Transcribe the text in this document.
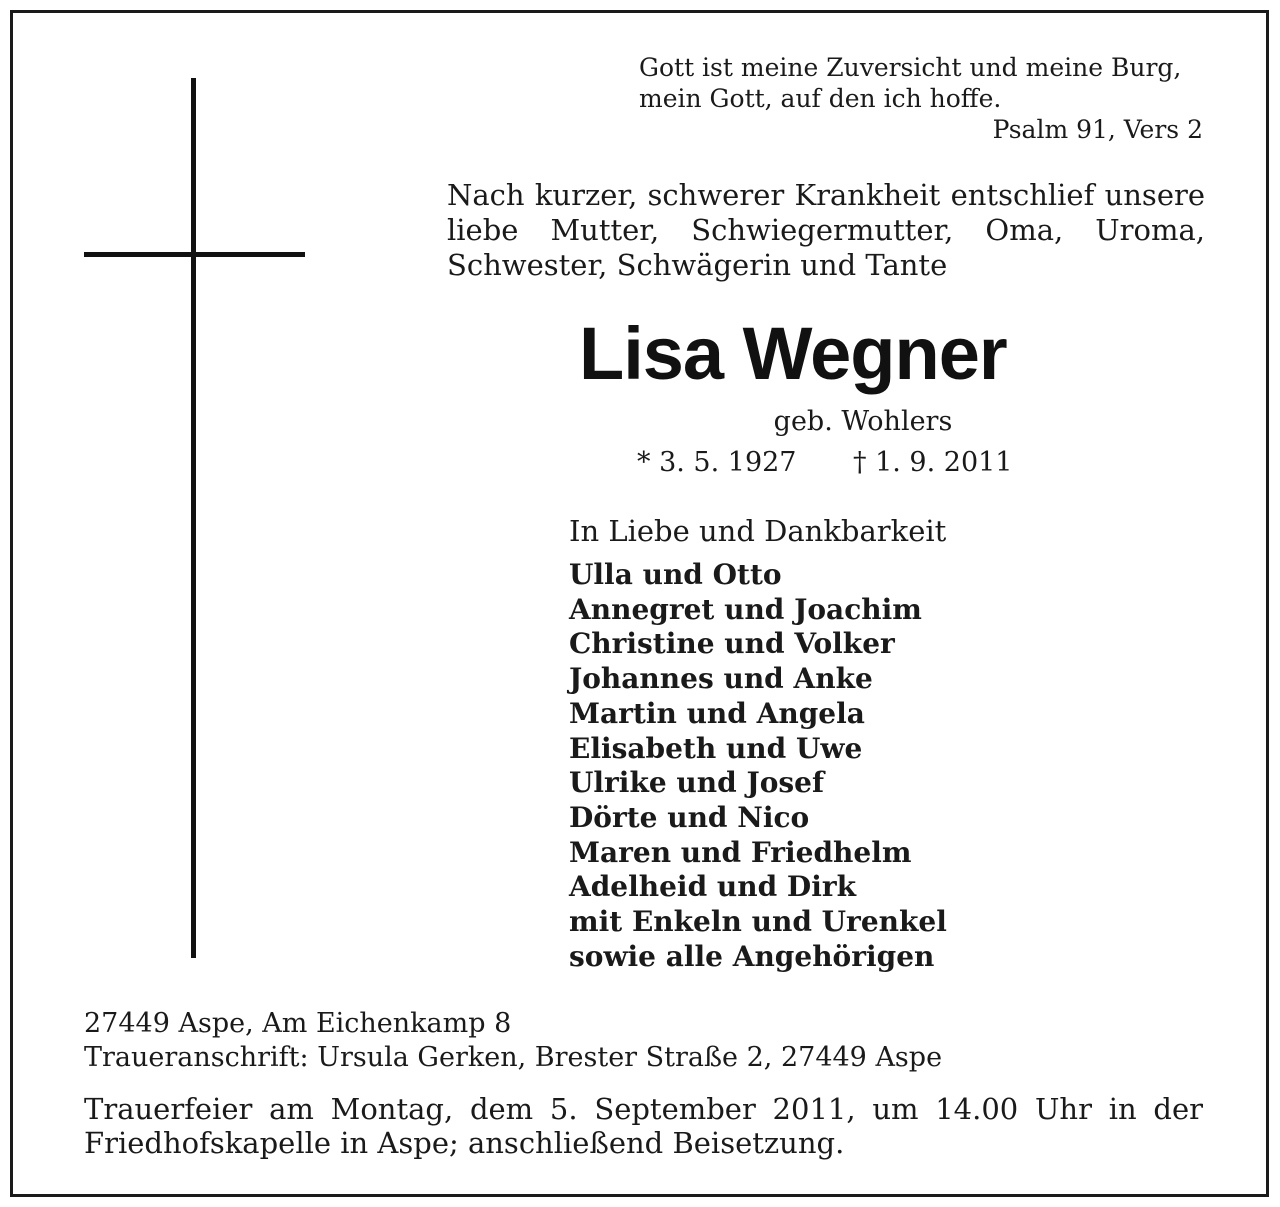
Gott ist meine Zuversicht und meine Burg,
mein Gott, auf den ich hoffe.
Psalm 91, Vers 2
Nach kurzer, schwerer Krankheit entschlief unsere
liebe Mutter, Schwiegermutter, Oma, Uroma,
Schwester, Schwägerin und Tante
Lisa Wegner
geb. Wohlers
* 3. 5. 1927 † 1. 9. 2011
In Liebe und Dankbarkeit
Ulla und Otto
Annegret und Joachim
Christine und Volker
Johannes und Anke
Martin und Angela
Elisabeth und Uwe
Ulrike und Josef
Dörte und Nico
Maren und Friedhelm
Adelheid und Dirk
mit Enkeln und Urenkel
sowie alle Angehörigen
27449 Aspe, Am Eichenkamp 8
Traueranschrift: Ursula Gerken, Brester Straße 2, 27449 Aspe
Trauerfeier am Montag, dem 5. September 2011, um 14.00 Uhr in der
Friedhofskapelle in Aspe; anschließend Beisetzung.
